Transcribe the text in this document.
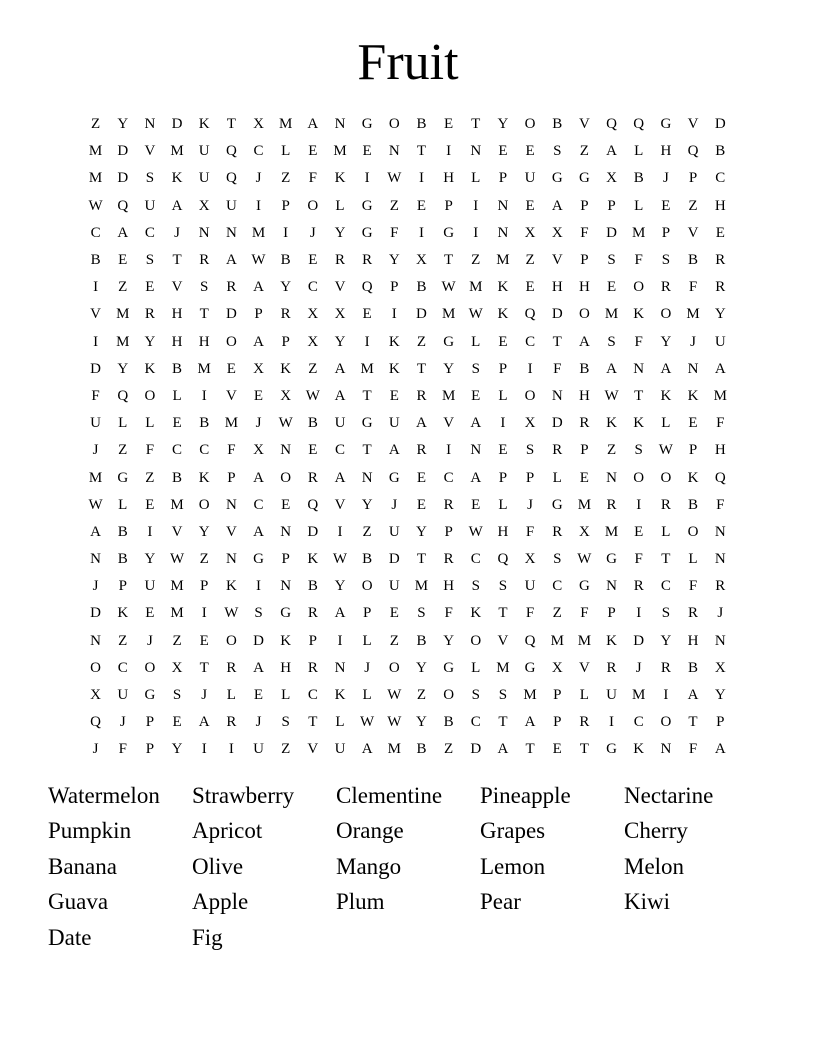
Fruit
Z	Y	N	D	K	T	X	M	A	N	G	O	B	E	T	Y	O	B	V	Q	Q	G	V	D
M	D	V	M	U	Q	C	L	E	M	E	N	T	I	N	E	E	S	Z	A	L	H	Q	B
M	D	S	K	U	Q	J	Z	F	K	I	W	I	H	L	P	U	G	G	X	B	J	P	C
W	Q	U	A	X	U	I	P	O	L	G	Z	E	P	I	N	E	A	P	P	L	E	Z	H
C	A	C	J	N	N	M	I	J	Y	G	F	I	G	I	N	X	X	F	D	M	P	V	E
B	E	S	T	R	A	W	B	E	R	R	Y	X	T	Z	M	Z	V	P	S	F	S	B	R
I	Z	E	V	S	R	A	Y	C	V	Q	P	B	W	M	K	E	H	H	E	O	R	F	R
V	M	R	H	T	D	P	R	X	X	E	I	D	M	W	K	Q	D	O	M	K	O	M	Y
I	M	Y	H	H	O	A	P	X	Y	I	K	Z	G	L	E	C	T	A	S	F	Y	J	U
D	Y	K	B	M	E	X	K	Z	A	M	K	T	Y	S	P	I	F	B	A	N	A	N	A
F	Q	O	L	I	V	E	X	W	A	T	E	R	M	E	L	O	N	H	W	T	K	K	M
U	L	L	E	B	M	J	W	B	U	G	U	A	V	A	I	X	D	R	K	K	L	E	F
J	Z	F	C	C	F	X	N	E	C	T	A	R	I	N	E	S	R	P	Z	S	W	P	H
M	G	Z	B	K	P	A	O	R	A	N	G	E	C	A	P	P	L	E	N	O	O	K	Q
W	L	E	M	O	N	C	E	Q	V	Y	J	E	R	E	L	J	G	M	R	I	R	B	F
A	B	I	V	Y	V	A	N	D	I	Z	U	Y	P	W	H	F	R	X	M	E	L	O	N
N	B	Y	W	Z	N	G	P	K	W	B	D	T	R	C	Q	X	S	W	G	F	T	L	N
J	P	U	M	P	K	I	N	B	Y	O	U	M	H	S	S	U	C	G	N	R	C	F	R
D	K	E	M	I	W	S	G	R	A	P	E	S	F	K	T	F	Z	F	P	I	S	R	J
N	Z	J	Z	E	O	D	K	P	I	L	Z	B	Y	O	V	Q	M	M	K	D	Y	H	N
O	C	O	X	T	R	A	H	R	N	J	O	Y	G	L	M	G	X	V	R	J	R	B	X
X	U	G	S	J	L	E	L	C	K	L	W	Z	O	S	S	M	P	L	U	M	I	A	Y
Q	J	P	E	A	R	J	S	T	L	W	W	Y	B	C	T	A	P	R	I	C	O	T	P
J	F	P	Y	I	I	U	Z	V	U	A	M	B	Z	D	A	T	E	T	G	K	N	F	A
Watermelon	Strawberry	Clementine	Pineapple	Nectarine
Pumpkin	Apricot	Orange	Grapes	Cherry
Banana	Olive	Mango	Lemon	Melon
Guava	Apple	Plum	Pear	Kiwi
Date	Fig
